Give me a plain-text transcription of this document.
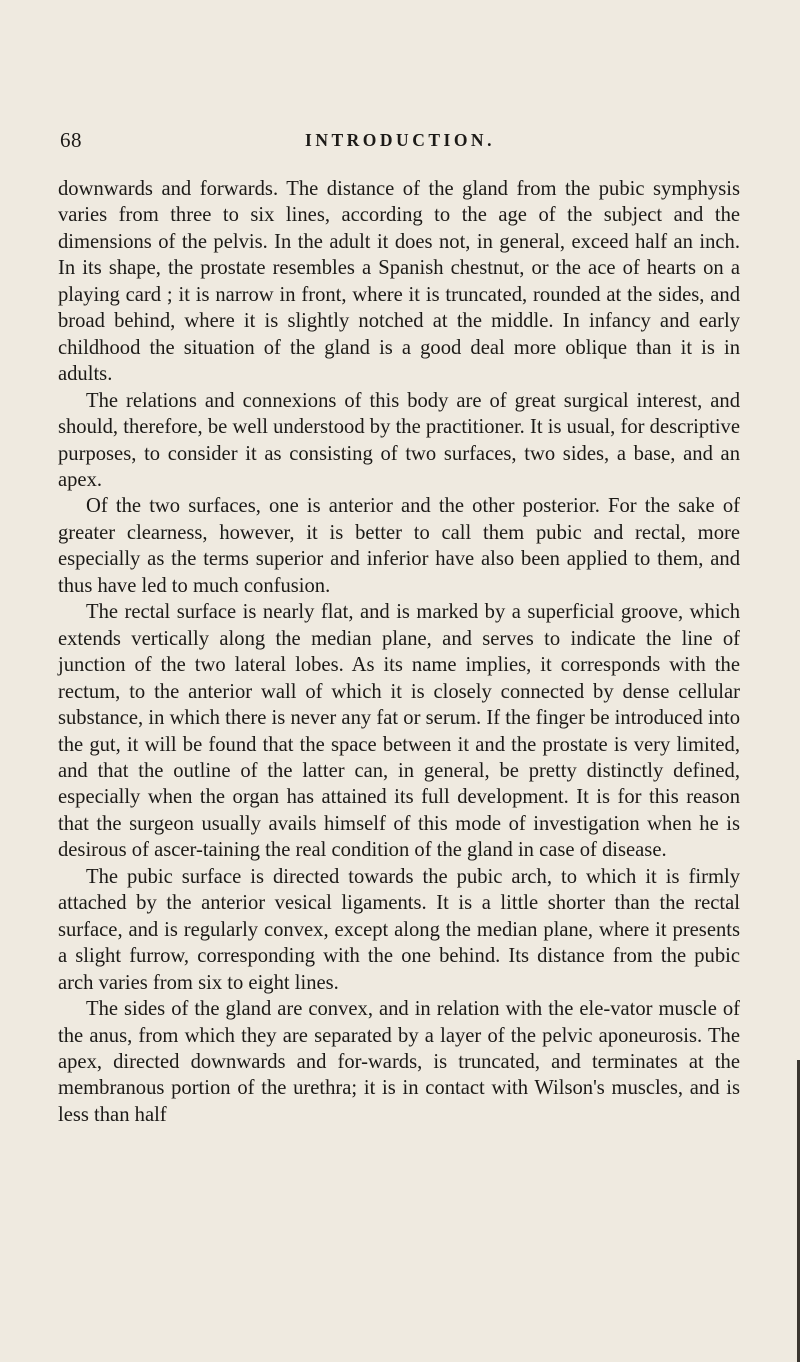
68	INTRODUCTION.

downwards and forwards. The distance of the gland from the pubic symphysis varies from three to six lines, according to the age of the subject and the dimensions of the pelvis. In the adult it does not, in general, exceed half an inch. In its shape, the prostate resembles a Spanish chestnut, or the ace of hearts on a playing card ; it is narrow in front, where it is truncated, rounded at the sides, and broad behind, where it is slightly notched at the middle. In infancy and early childhood the situation of the gland is a good deal more oblique than it is in adults.

The relations and connexions of this body are of great surgical interest, and should, therefore, be well understood by the practitioner. It is usual, for descriptive purposes, to consider it as consisting of two surfaces, two sides, a base, and an apex.

Of the two surfaces, one is anterior and the other posterior. For the sake of greater clearness, however, it is better to call them pubic and rectal, more especially as the terms superior and inferior have also been applied to them, and thus have led to much confusion.

The rectal surface is nearly flat, and is marked by a superficial groove, which extends vertically along the median plane, and serves to indicate the line of junction of the two lateral lobes. As its name implies, it corresponds with the rectum, to the anterior wall of which it is closely connected by dense cellular substance, in which there is never any fat or serum. If the finger be introduced into the gut, it will be found that the space between it and the prostate is very limited, and that the outline of the latter can, in general, be pretty distinctly defined, especially when the organ has attained its full development. It is for this reason that the surgeon usually avails himself of this mode of investigation when he is desirous of ascer-taining the real condition of the gland in case of disease.

The pubic surface is directed towards the pubic arch, to which it is firmly attached by the anterior vesical ligaments. It is a little shorter than the rectal surface, and is regularly convex, except along the median plane, where it presents a slight furrow, corresponding with the one behind. Its distance from the pubic arch varies from six to eight lines.

The sides of the gland are convex, and in relation with the ele-vator muscle of the anus, from which they are separated by a layer of the pelvic aponeurosis. The apex, directed downwards and for-wards, is truncated, and terminates at the membranous portion of the urethra; it is in contact with Wilson's muscles, and is less than half
